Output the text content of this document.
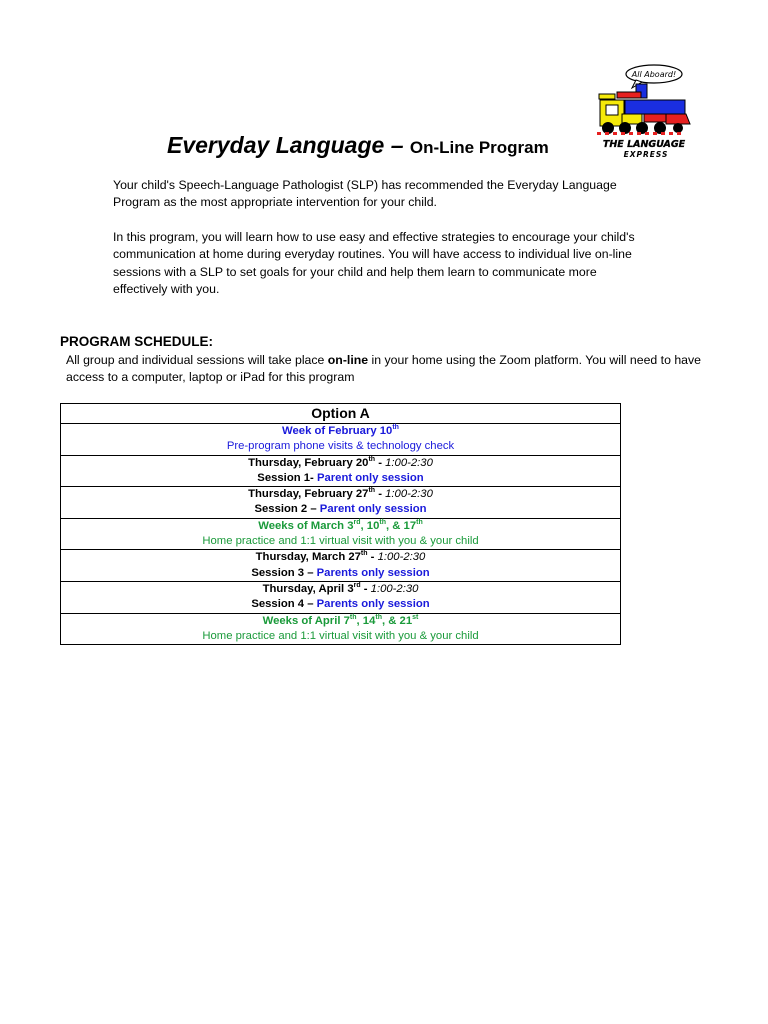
Everyday Language – On-Line Program
All Aboard!
THE LANGUAGE
EXPRESS

Your child's Speech-Language Pathologist (SLP) has recommended the Everyday Language Program as the most appropriate intervention for your child.

In this program, you will learn how to use easy and effective strategies to encourage your child's communication at home during everyday routines. You will have access to individual live on-line sessions with a SLP to set goals for your child and help them learn to communicate more effectively with you.

PROGRAM SCHEDULE:

All group and individual sessions will take place on-line in your home using the Zoom platform. You will need to have access to a computer, laptop or iPad for this program

Option A

Week of February 10th
Pre-program phone visits & technology check

Thursday, February 20th - 1:00-2:30
Session 1- Parent only session

Thursday, February 27th - 1:00-2:30
Session 2 – Parent only session

Weeks of March 3rd, 10th, & 17th
Home practice and 1:1 virtual visit with you & your child

Thursday, March 27th - 1:00-2:30
Session 3 – Parents only session

Thursday, April 3rd - 1:00-2:30
Session 4 – Parents only session

Weeks of April 7th, 14th, & 21st
Home practice and 1:1 virtual visit with you & your child
